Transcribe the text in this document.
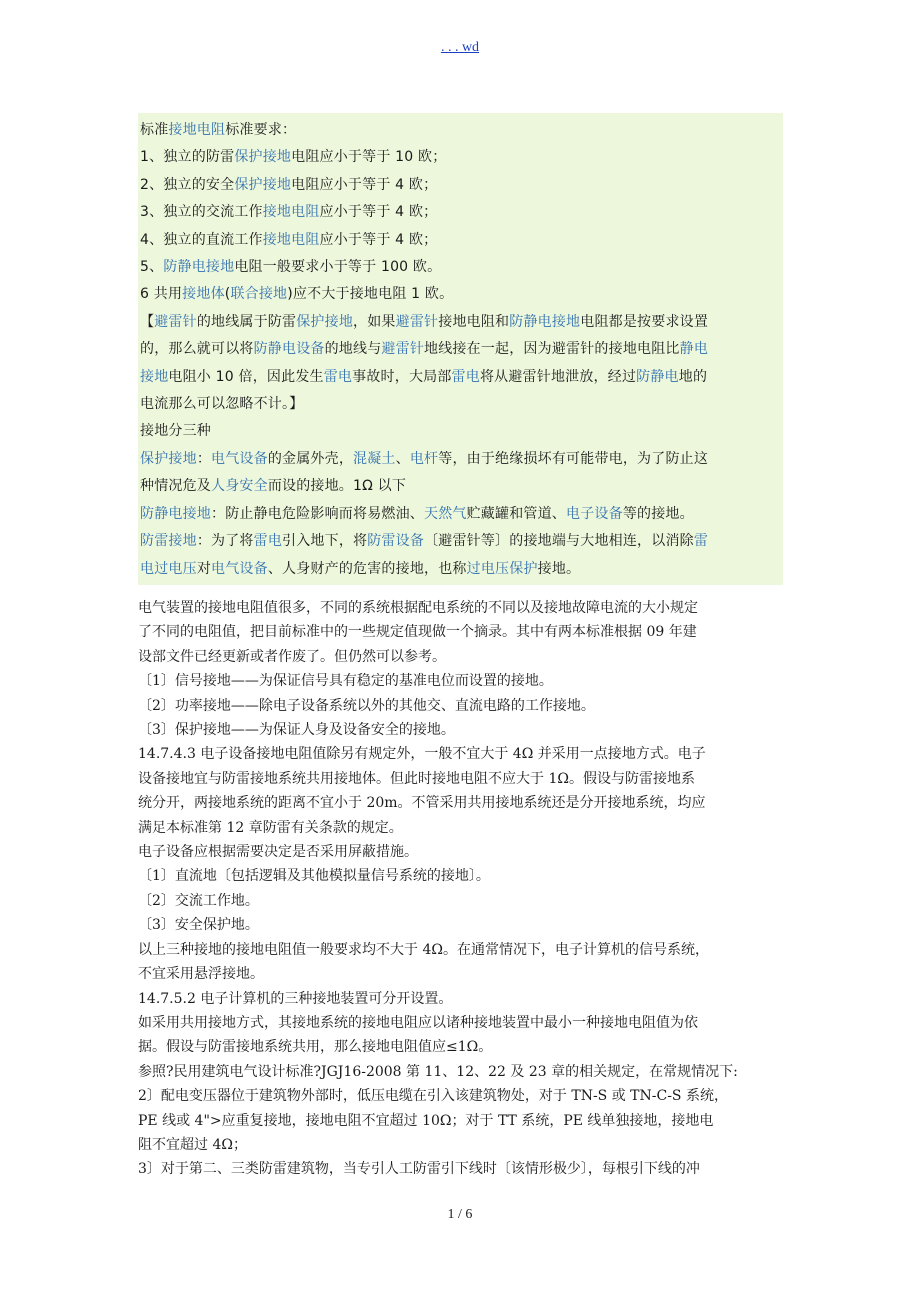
. . . wd
标准接地电阻标准要求：
1、独立的防雷保护接地电阻应小于等于 10 欧；
2、独立的安全保护接地电阻应小于等于 4 欧；
3、独立的交流工作接地电阻应小于等于 4 欧；
4、独立的直流工作接地电阻应小于等于 4 欧；
5、防静电接地电阻一般要求小于等于 100 欧。
6 共用接地体(联合接地)应不大于接地电阻 1 欧。
【避雷针的地线属于防雷保护接地，如果避雷针接地电阻和防静电接地电阻都是按要求设置
的，那么就可以将防静电设备的地线与避雷针地线接在一起，因为避雷针的接地电阻比静电
接地电阻小 10 倍，因此发生雷电事故时，大局部雷电将从避雷针地泄放，经过防静电地的
电流那么可以忽略不计。】
接地分三种
保护接地：电气设备的金属外壳，混凝土、电杆等，由于绝缘损坏有可能带电，为了防止这
种情况危及人身安全而设的接地。1Ω 以下
防静电接地：防止静电危险影响而将易燃油、天然气贮藏罐和管道、电子设备等的接地。
防雷接地：为了将雷电引入地下，将防雷设备〔避雷针等〕的接地端与大地相连，以消除雷
电过电压对电气设备、人身财产的危害的接地，也称过电压保护接地。
电气装置的接地电阻值很多，不同的系统根据配电系统的不同以及接地故障电流的大小规定
了不同的电阻值，把目前标准中的一些规定值现做一个摘录。其中有两本标准根据 09 年建
设部文件已经更新或者作废了。但仍然可以参考。
〔1〕信号接地——为保证信号具有稳定的基准电位而设置的接地。
〔2〕功率接地——除电子设备系统以外的其他交、直流电路的工作接地。
〔3〕保护接地——为保证人身及设备安全的接地。
14.7.4.3 电子设备接地电阻值除另有规定外，一般不宜大于 4Ω 并采用一点接地方式。电子
设备接地宜与防雷接地系统共用接地体。但此时接地电阻不应大于 1Ω。假设与防雷接地系
统分开，两接地系统的距离不宜小于 20m。不管采用共用接地系统还是分开接地系统，均应
满足本标准第 12 章防雷有关条款的规定。
电子设备应根据需要决定是否采用屏蔽措施。
〔1〕直流地〔包括逻辑及其他模拟量信号系统的接地〕。
〔2〕交流工作地。
〔3〕安全保护地。
以上三种接地的接地电阻值一般要求均不大于 4Ω。在通常情况下，电子计算机的信号系统，
不宜采用悬浮接地。
14.7.5.2 电子计算机的三种接地装置可分开设置。
如采用共用接地方式，其接地系统的接地电阻应以诸种接地装置中最小一种接地电阻值为依
据。假设与防雷接地系统共用，那么接地电阻值应≤1Ω。
参照?民用建筑电气设计标准?JGJ16-2008 第 11、12、22 及 23 章的相关规定，在常规情况下:
2〕配电变压器位于建筑物外部时，低压电缆在引入该建筑物处，对于 TN-S 或 TN-C-S 系统，
PE 线或 4">应重复接地，接地电阻不宜超过 10Ω；对于 TT 系统，PE 线单独接地，接地电
阻不宜超过 4Ω；
3〕对于第二、三类防雷建筑物，当专引人工防雷引下线时〔该情形极少〕，每根引下线的冲
1 / 6
